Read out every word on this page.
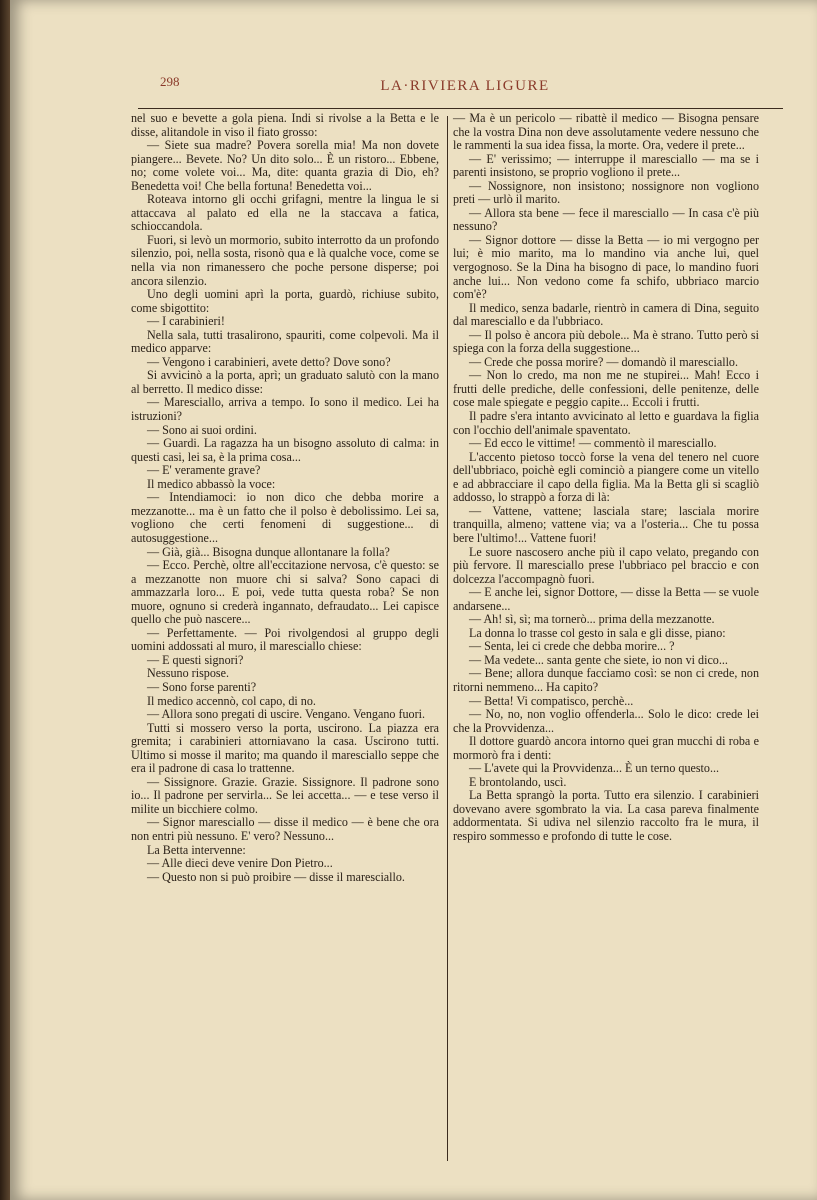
298	LA·RIVIERA LIGURE

nel suo e bevette a gola piena. Indi si rivolse a la Betta e le disse, alitandole in viso il fiato grosso:

— Siete sua madre? Povera sorella mia! Ma non dovete piangere... Bevete. No? Un dito solo... È un ristoro... Ebbene, no; come volete voi... Ma, dite: quanta grazia di Dio, eh? Benedetta voi! Che bella fortuna! Benedetta voi...

Roteava intorno gli occhi grifagni, mentre la lingua le si attaccava al palato ed ella ne la staccava a fatica, schioccandola.

Fuori, si levò un mormorio, subito interrotto da un profondo silenzio, poi, nella sosta, risonò qua e là qualche voce, come se nella via non rimanessero che poche persone disperse; poi ancora silenzio.

Uno degli uomini aprì la porta, guardò, richiuse subito, come sbigottito:

— I carabinieri!

Nella sala, tutti trasalirono, spauriti, come colpevoli. Ma il medico apparve:

— Vengono i carabinieri, avete detto? Dove sono?

Si avvicinò a la porta, aprì; un graduato salutò con la mano al berretto. Il medico disse:

— Maresciallo, arriva a tempo. Io sono il medico. Lei ha istruzioni?

— Sono ai suoi ordini.

— Guardi. La ragazza ha un bisogno assoluto di calma: in questi casi, lei sa, è la prima cosa...

— E' veramente grave?

Il medico abbassò la voce:

— Intendiamoci: io non dico che debba morire a mezzanotte... ma è un fatto che il polso è debolissimo. Lei sa, vogliono che certi fenomeni di suggestione... di autosuggestione...

— Già, già... Bisogna dunque allontanare la folla?

— Ecco. Perchè, oltre all'eccitazione nervosa, c'è questo: se a mezzanotte non muore chi si salva? Sono capaci di ammazzarla loro... E poi, vede tutta questa roba? Se non muore, ognuno si crederà ingannato, defraudato... Lei capisce quello che può nascere...

— Perfettamente. — Poi rivolgendosi al gruppo degli uomini addossati al muro, il maresciallo chiese:

— E questi signori?

Nessuno rispose.

— Sono forse parenti?

Il medico accennò, col capo, di no.

— Allora sono pregati di uscire. Vengano. Vengano fuori.

Tutti si mossero verso la porta, uscirono. La piazza era gremita; i carabinieri attorniavano la casa. Uscirono tutti. Ultimo si mosse il marito; ma quando il maresciallo seppe che era il padrone di casa lo trattenne.

— Sissignore. Grazie. Grazie. Sissignore. Il padrone sono io... Il padrone per servirla... Se lei accetta... — e tese verso il milite un bicchiere colmo.

— Signor maresciallo — disse il medico — è bene che ora non entri più nessuno. E' vero? Nessuno...

La Betta intervenne:

— Alle dieci deve venire Don Pietro...

— Questo non si può proibire — disse il maresciallo.

— Ma è un pericolo — ribattè il medico — Bisogna pensare che la vostra Dina non deve assolutamente vedere nessuno che le rammenti la sua idea fissa, la morte. Ora, vedere il prete...

— E' verissimo; — interruppe il maresciallo — ma se i parenti insistono, se proprio vogliono il prete...

— Nossignore, non insistono; nossignore non vogliono preti — urlò il marito.

— Allora sta bene — fece il maresciallo — In casa c'è più nessuno?

— Signor dottore — disse la Betta — io mi vergogno per lui; è mio marito, ma lo mandino via anche lui, quel vergognoso. Se la Dina ha bisogno di pace, lo mandino fuori anche lui... Non vedono come fa schifo, ubbriaco marcio com'è?

Il medico, senza badarle, rientrò in camera di Dina, seguito dal maresciallo e da l'ubbriaco.

— Il polso è ancora più debole... Ma è strano. Tutto però si spiega con la forza della suggestione...

— Crede che possa morire? — domandò il maresciallo.

— Non lo credo, ma non me ne stupirei... Mah! Ecco i frutti delle prediche, delle confessioni, delle penitenze, delle cose male spiegate e peggio capite... Eccoli i frutti.

Il padre s'era intanto avvicinato al letto e guardava la figlia con l'occhio dell'animale spaventato.

— Ed ecco le vittime! — commentò il maresciallo.

L'accento pietoso toccò forse la vena del tenero nel cuore dell'ubbriaco, poichè egli cominciò a piangere come un vitello e ad abbracciare il capo della figlia. Ma la Betta gli si scagliò addosso, lo strappò a forza di là:

— Vattene, vattene; lasciala stare; lasciala morire tranquilla, almeno; vattene via; va a l'osteria... Che tu possa bere l'ultimo!... Vattene fuori!

Le suore nascosero anche più il capo velato, pregando con più fervore. Il maresciallo prese l'ubbriaco pel braccio e con dolcezza l'accompagnò fuori.

— E anche lei, signor Dottore, — disse la Betta — se vuole andarsene...

— Ah! sì, sì; ma tornerò... prima della mezzanotte.

La donna lo trasse col gesto in sala e gli disse, piano:

— Senta, lei ci crede che debba morire... ?

— Ma vedete... santa gente che siete, io non vi dico...

— Bene; allora dunque facciamo così: se non ci crede, non ritorni nemmeno... Ha capito?

— Betta! Vi compatisco, perchè...

— No, no, non voglio offenderla... Solo le dico: crede lei che la Provvidenza...

Il dottore guardò ancora intorno quei gran mucchi di roba e mormorò fra i denti:

— L'avete qui la Provvidenza... È un terno questo...

E brontolando, uscì.

La Betta sprangò la porta. Tutto era silenzio. I carabinieri dovevano avere sgombrato la via. La casa pareva finalmente addormentata. Si udiva nel silenzio raccolto fra le mura, il respiro sommesso e profondo di tutte le cose.
